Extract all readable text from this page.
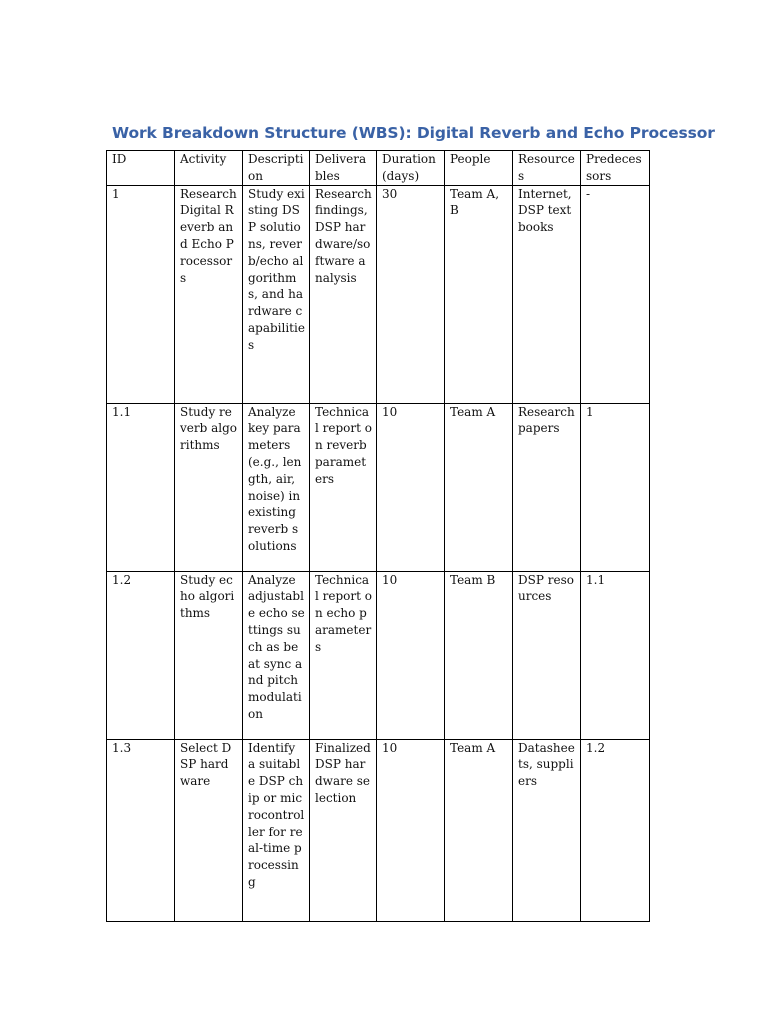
Work Breakdown Structure (WBS): Digital Reverb and Echo Processor
ID	Activity	Description	Deliverables	Duration (days)	People	Resources	Predecessors
1	Research Digital Reverb and Echo Processors	Study existing DSP solutions, reverb/echo algorithms, and hardware capabilities	Research findings, DSP hardware/software analysis	30	Team A, B	Internet, DSP textbooks	-
1.1	Study reverb algorithms	Analyze key parameters (e.g., length, air, noise) in existing reverb solutions	Technical report on reverb parameters	10	Team A	Research papers	1
1.2	Study echo algorithms	Analyze adjustable echo settings such as beat sync and pitch modulation	Technical report on echo parameters	10	Team B	DSP resources	1.1
1.3	Select DSP hardware	Identify a suitable DSP chip or microcontroller for real-time processing	Finalized DSP hardware selection	10	Team A	Datasheets, suppliers	1.2
